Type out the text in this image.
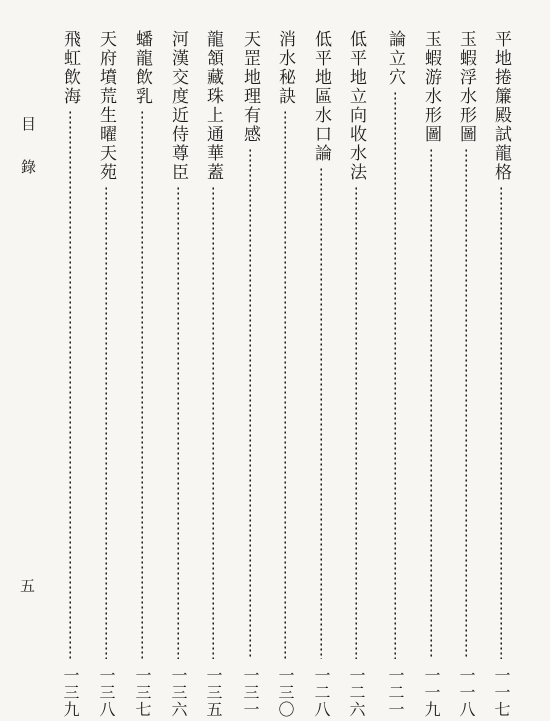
目錄
五
平地捲簾殿試龍格
一一七
玉蝦浮水形圖
一一八
玉蝦游水形圖
一一九
論立穴
一二一
低平地立向收水法
一二六
低平地區水口論
一二八
消水秘訣
一三〇
天罡地理有感
一三一
龍頷藏珠上通華蓋
一三五
河漢交度近侍尊臣
一三六
蟠龍飲乳
一三七
天府墳荒生曜天苑
一三八
飛虹飲海
一三九
